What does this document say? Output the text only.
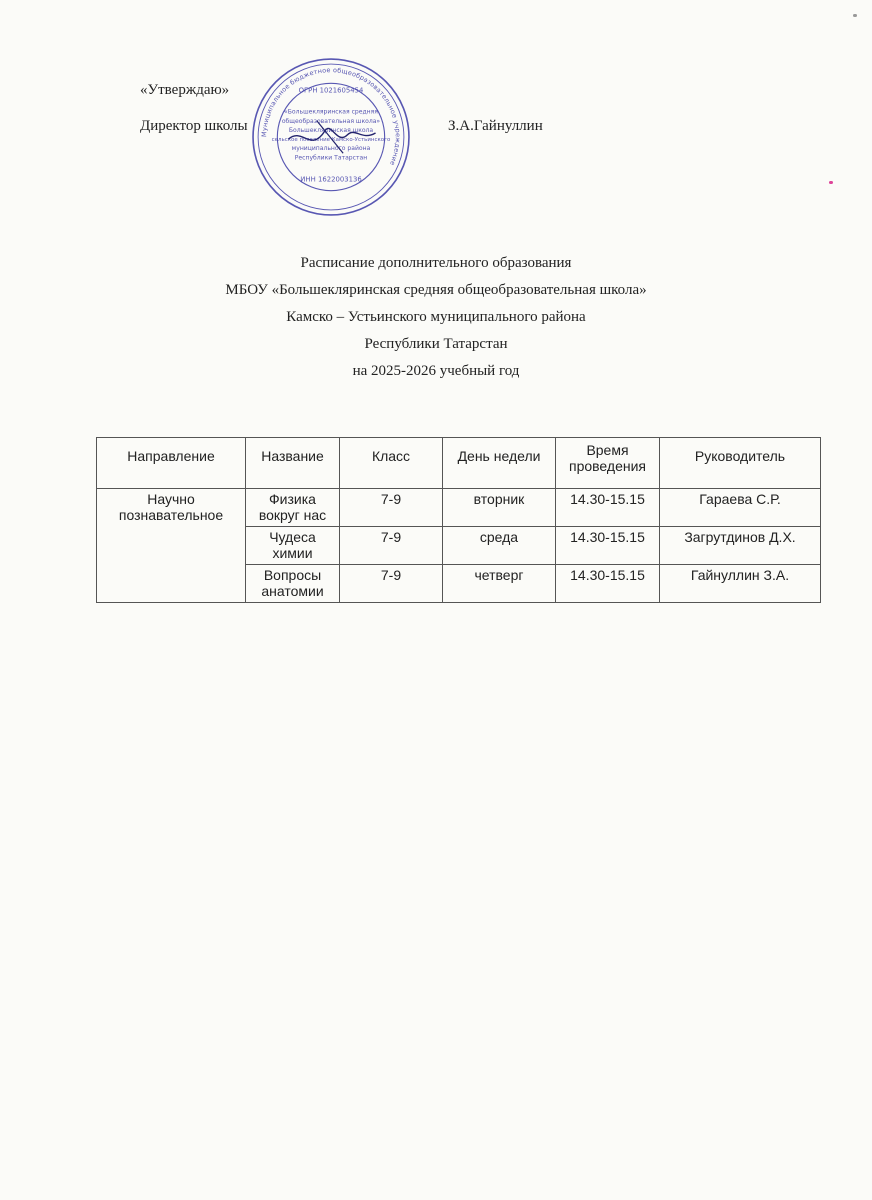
«Утверждаю»
Директор школы	З.А.Гайнуллин
Муниципальное бюджетное общеобразовательное учреждение
ОГРН 1021605454
«Большекляринская средняя
общеобразовательная школа»
Большекляринская школа
сельское поселение Камско-Устьинского
муниципального района
Республики Татарстан
ИНН 1622003136
Расписание дополнительного образования
МБОУ «Большекляринская средняя общеобразовательная школа»
Камско – Устьинского муниципального района
Республики Татарстан
на 2025-2026 учебный год
Направление	Название	Класс	День недели	Время проведения	Руководитель
Научно познавательное	Физика вокруг нас	7-9	вторник	14.30-15.15	Гараева С.Р.
	Чудеса химии	7-9	среда	14.30-15.15	Загрутдинов Д.Х.
	Вопросы анатомии	7-9	четверг	14.30-15.15	Гайнуллин З.А.
